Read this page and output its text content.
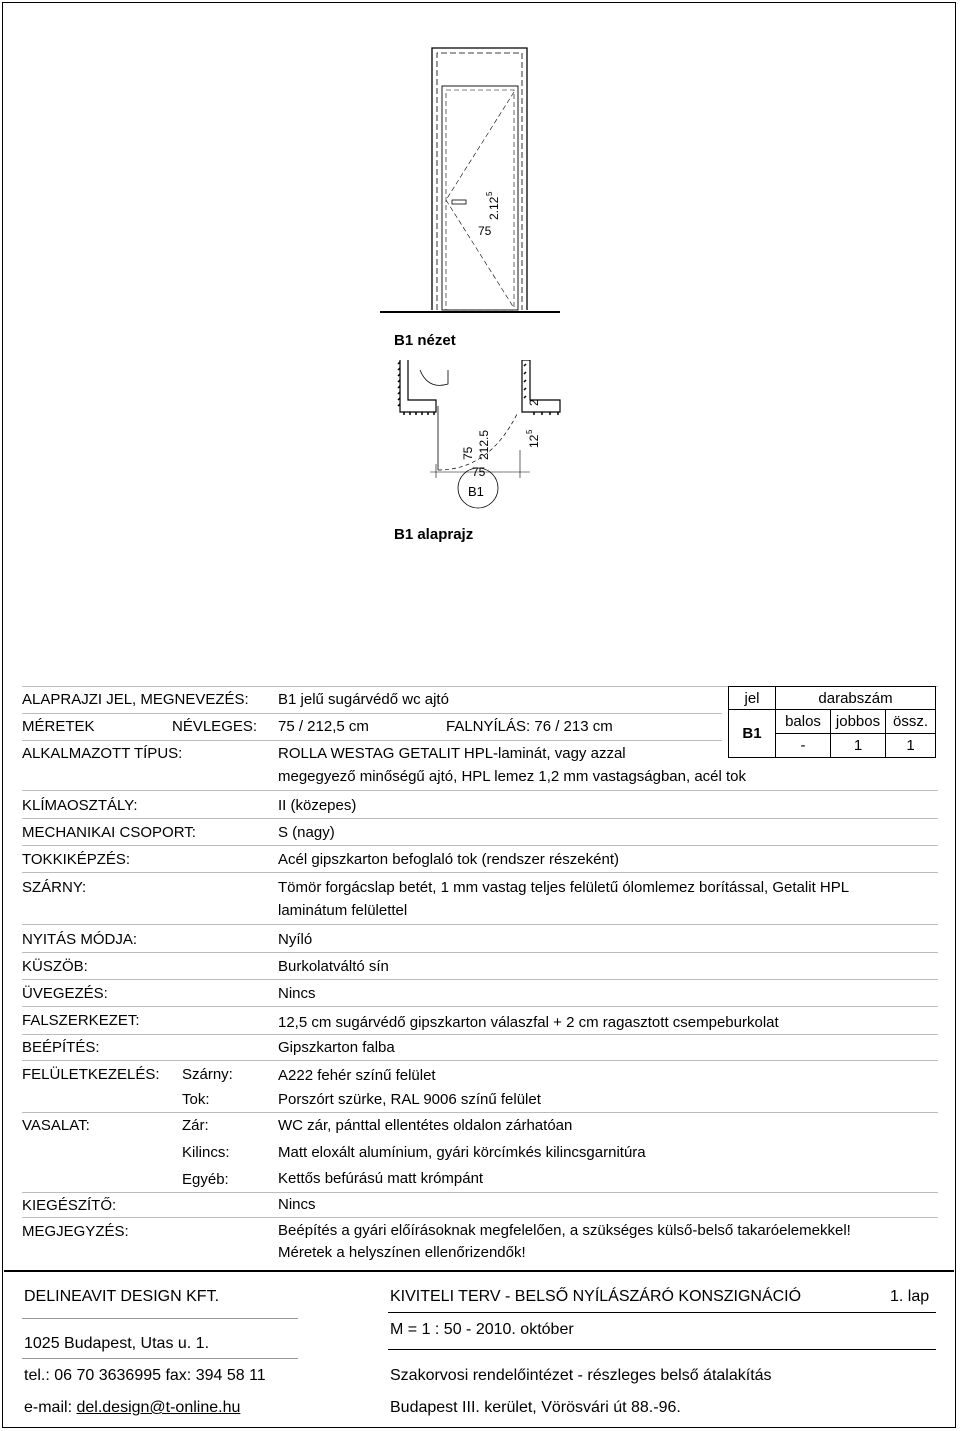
75
2.12
5
B1 nézet
B1
75
75 212.5	12
5
2
B1 alaprajz
ALAPRAJZI JEL, MEGNEVEZÉS: B1 jelű sugárvédő wc ajtó
MÉRETEK	NÉVLEGES: 75 / 212,5 cm	FALNYÍLÁS: 76 / 213 cm
ALKALMAZOTT TÍPUS:	ROLLA WESTAG GETALIT HPL-laminát, vagy azzal
megegyező minőségű ajtó, HPL lemez 1,2 mm vastagságban, acél tok
KLÍMAOSZTÁLY:	II (közepes)
MECHANIKAI CSOPORT:	S (nagy)
TOKKIKÉPZÉS:	Acél gipszkarton befoglaló tok (rendszer részeként)
SZÁRNY:	Tömör forgácslap betét, 1 mm vastag teljes felületű ólomlemez borítással, Getalit HPL
laminátum felülettel
NYITÁS MÓDJA:	Nyíló
KÜSZÖB:	Burkolatváltó sín
ÜVEGEZÉS:	Nincs
FALSZERKEZET:	12,5 cm sugárvédő gipszkarton válaszfal + 2 cm ragasztott csempeburkolat
BEÉPÍTÉS:	Gipszkarton falba
FELÜLETKEZELÉS: Szárny:	A222 fehér színű felület
Tok:	Porszórt szürke, RAL 9006 színű felület
VASALAT:	Zár:	WC zár, pánttal ellentétes oldalon zárhatóan
Kilincs:	Matt eloxált alumínium, gyári körcímkés kilincsgarnitúra
Egyéb:	Kettős befúrású matt krómpánt
KIEGÉSZÍTŐ:	Nincs
MEGJEGYZÉS:	Beépítés a gyári előírásoknak megfelelően, a szükséges külső-belső takaróelemekkel!
Méretek a helyszínen ellenőrizendők!
jel	darabszám
B1
balos jobbos össz.
-	1	1
DELINEAVIT DESIGN KFT.
1025 Budapest, Utas u. 1.
tel.: 06 70 3636995 fax: 394 58 11
e-mail: del.design@t-online.hu
KIVITELI TERV - BELSŐ NYÍLÁSZÁRÓ KONSZIGNÁCIÓ	1. lap
M = 1 : 50 - 2010. október
Szakorvosi rendelőintézet - részleges belső átalakítás
Budapest III. kerület, Vörösvári út 88.-96.
